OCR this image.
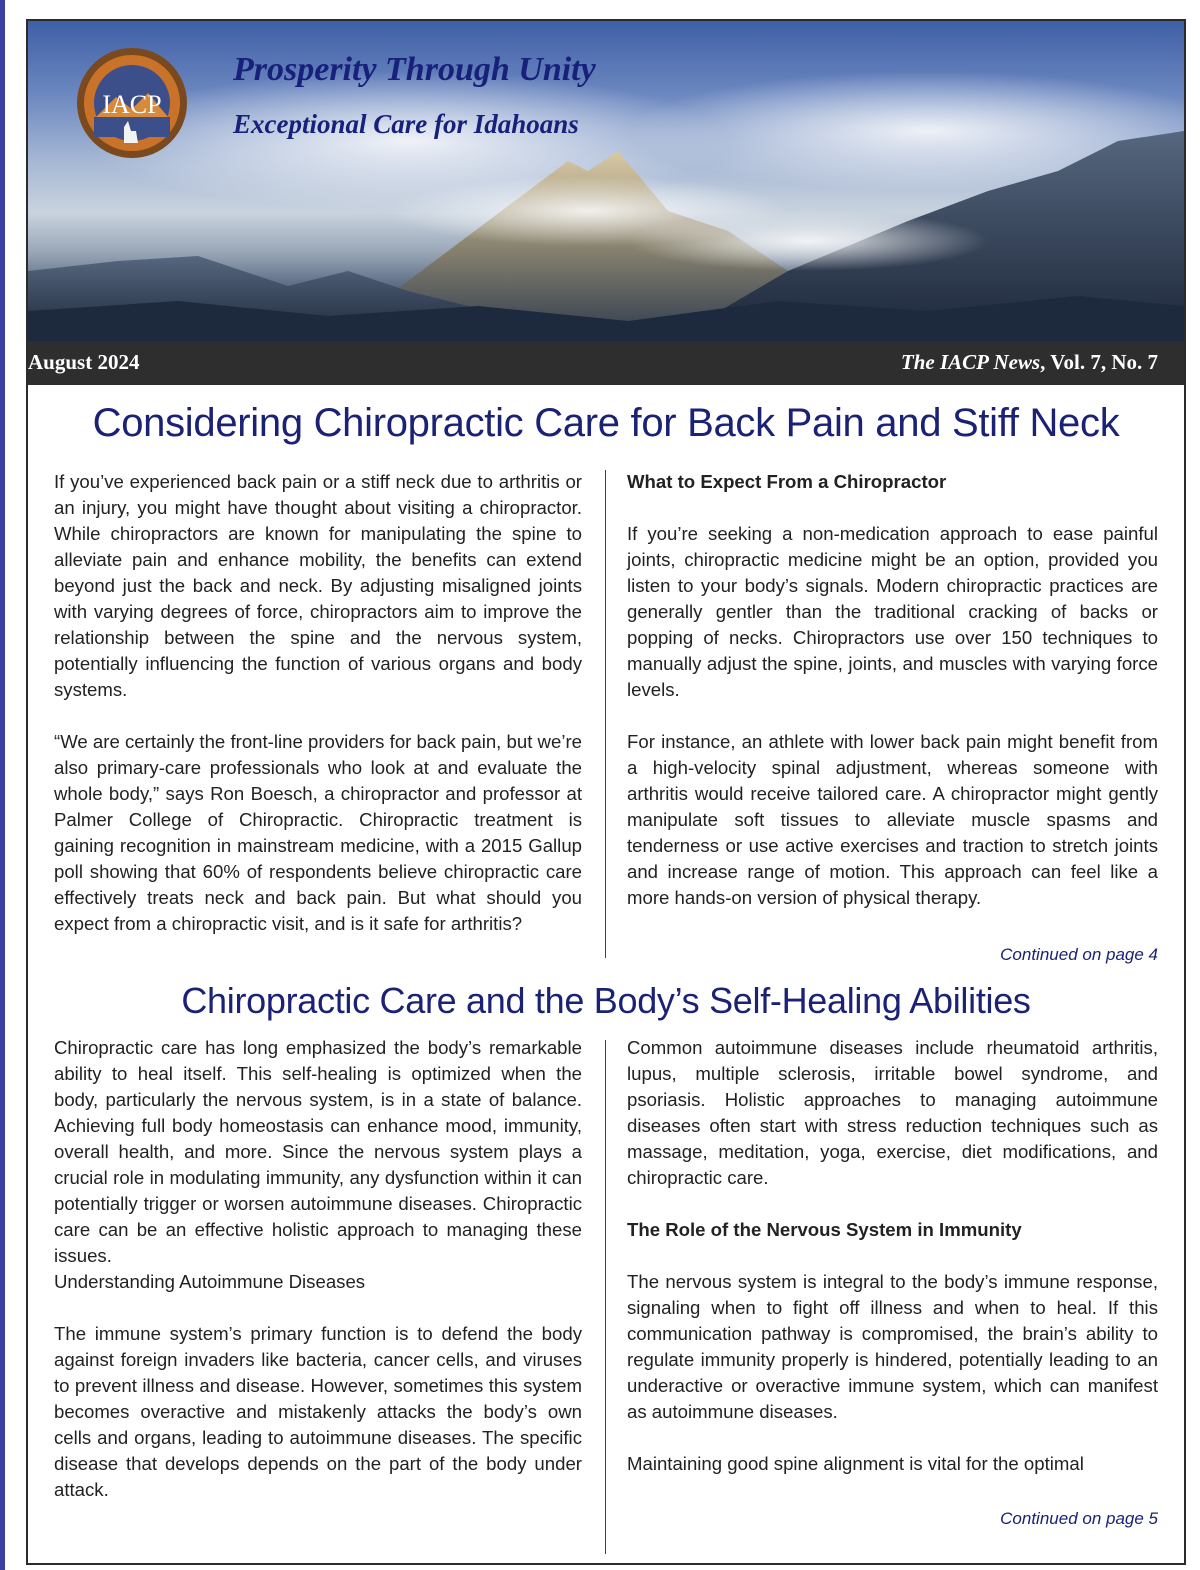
IACP
Prosperity Through Unity
Exceptional Care for Idahoans
August 2024	The IACP News, Vol. 7, No. 7
Considering Chiropractic Care for Back Pain and Stiff Neck

If you’ve experienced back pain or a stiff neck due to arthritis or an injury, you might have thought about visiting a chiropractor. While chiropractors are known for manipulating the spine to alleviate pain and enhance mobility, the benefits can extend beyond just the back and neck. By adjusting misaligned joints with varying degrees of force, chiropractors aim to improve the relationship between the spine and the nervous system, potentially influencing the function of various organs and body systems.

“We are certainly the front-line providers for back pain, but we’re also primary-care professionals who look at and evaluate the whole body,” says Ron Boesch, a chiropractor and professor at Palmer College of Chiropractic. Chiropractic treatment is gaining recognition in mainstream medicine, with a 2015 Gallup poll showing that 60% of respondents believe chiropractic care effectively treats neck and back pain. But what should you expect from a chiropractic visit, and is it safe for arthritis?

What to Expect From a Chiropractor

If you’re seeking a non-medication approach to ease painful joints, chiropractic medicine might be an option, provided you listen to your body’s signals. Modern chiropractic practices are generally gentler than the traditional cracking of backs or popping of necks. Chiropractors use over 150 techniques to manually adjust the spine, joints, and muscles with varying force levels.

For instance, an athlete with lower back pain might benefit from a high-velocity spinal adjustment, whereas someone with arthritis would receive tailored care. A chiropractor might gently manipulate soft tissues to alleviate muscle spasms and tenderness or use active exercises and traction to stretch joints and increase range of motion. This approach can feel like a more hands-on version of physical therapy.

Continued on page 4
Chiropractic Care and the Body’s Self-Healing Abilities

Chiropractic care has long emphasized the body’s remarkable ability to heal itself. This self-healing is optimized when the body, particularly the nervous system, is in a state of balance. Achieving full body homeostasis can enhance mood, immunity, overall health, and more. Since the nervous system plays a crucial role in modulating immunity, any dysfunction within it can potentially trigger or worsen autoimmune diseases. Chiropractic care can be an effective holistic approach to managing these issues.

Understanding Autoimmune Diseases

The immune system’s primary function is to defend the body against foreign invaders like bacteria, cancer cells, and viruses to prevent illness and disease. However, sometimes this system becomes overactive and mistakenly attacks the body’s own cells and organs, leading to autoimmune diseases. The specific disease that develops depends on the part of the body under attack.

Common autoimmune diseases include rheumatoid arthritis, lupus, multiple sclerosis, irritable bowel syndrome, and psoriasis. Holistic approaches to managing autoimmune diseases often start with stress reduction techniques such as massage, meditation, yoga, exercise, diet modifications, and chiropractic care.

The Role of the Nervous System in Immunity

The nervous system is integral to the body’s immune response, signaling when to fight off illness and when to heal. If this communication pathway is compromised, the brain’s ability to regulate immunity properly is hindered, potentially leading to an underactive or overactive immune system, which can manifest as autoimmune diseases.

Maintaining good spine alignment is vital for the optimal

Continued on page 5
